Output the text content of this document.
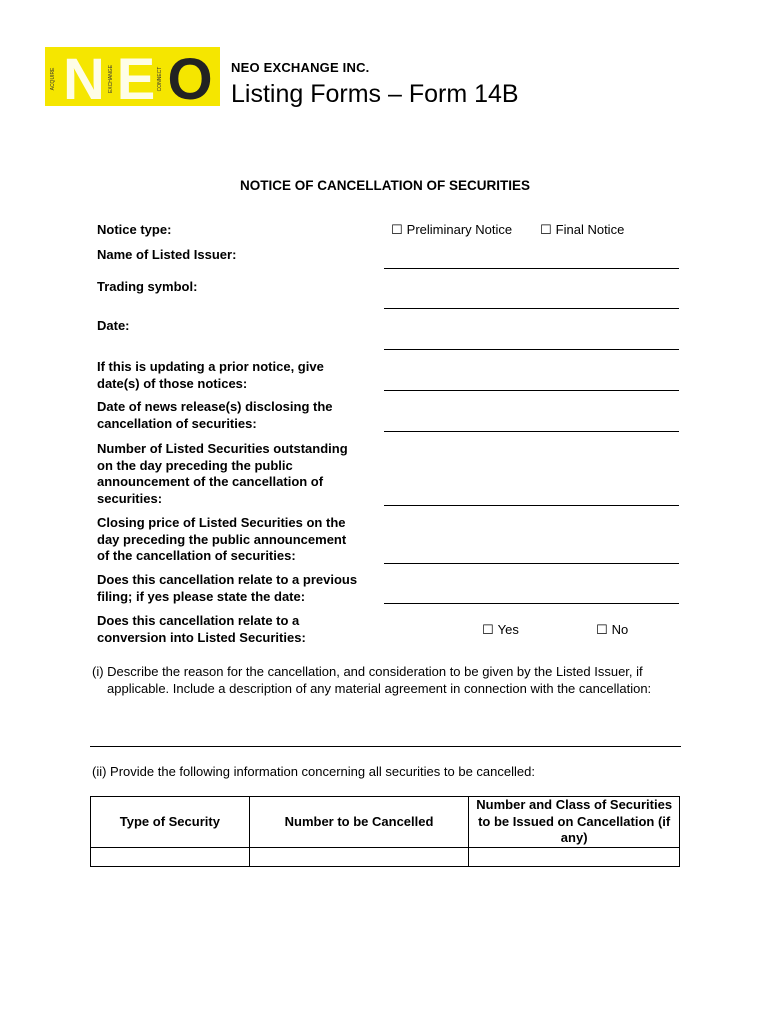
ACQUIRE	EXCHANGE	CONNECT
N E O NEO EXCHANGE INC.
Listing Forms – Form 14B
NOTICE OF CANCELLATION OF SECURITIES
Notice type:	☐ Preliminary Notice ☐ Final Notice
Name of Listed Issuer:
Trading symbol:
Date:
If this is updating a prior notice, give
date(s) of those notices:
Date of news release(s) disclosing the
cancellation of securities:
Number of Listed Securities outstanding
on the day preceding the public
announcement of the cancellation of
securities:
Closing price of Listed Securities on the
day preceding the public announcement
of the cancellation of securities:
Does this cancellation relate to a previous
filing; if yes please state the date:
Does this cancellation relate to a
conversion into Listed Securities:	☐ Yes	☐ No
(i) Describe the reason for the cancellation, and consideration to be given by the Listed Issuer, if applicable. Include a description of any material agreement in connection with the cancellation:
(ii) Provide the following information concerning all securities to be cancelled:
Type of Security	Number to be Cancelled	Number and Class of Securities to be Issued on Cancellation (if any)
